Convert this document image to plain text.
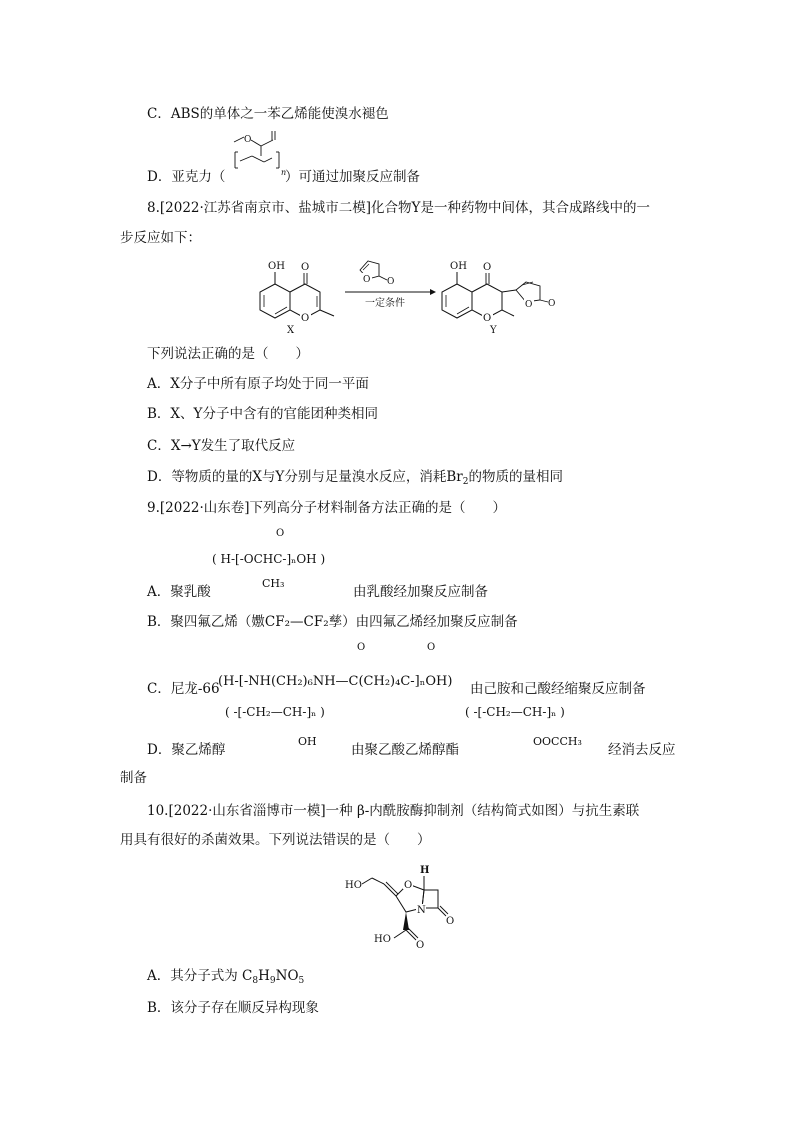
C．ABS的单体之一苯乙烯能使溴水褪色
O
n
D．亚克力（	）可通过加聚反应制备
8.[2022·江苏省南京市、盐城市二模]化合物Y是一种药物中间体，其合成路线中的一
步反应如下：
OH O
O
X
O O
一定条件
OH O
O
O O
Y
下列说法正确的是（　　）
A．X分子中所有原子均处于同一平面
B．X、Y分子中含有的官能团种类相同
C．X→Y发生了取代反应
D．等物质的量的X与Y分别与足量溴水反应，消耗$Br_2$的物质的量相同
9.[2022·山东卷]下列高分子材料制备方法正确的是（　　）
O
( H-[-OCHC-]ₙOH )
CH₃
A．聚乳酸	由乳酸经加聚反应制备
B．聚四氟乙烯（嫐CF₂—CF₂孳）由四氟乙烯经加聚反应制备
O	O
C．尼龙-66
(H-[-NH(CH₂)₆NH—C(CH₂)₄C-]ₙOH) 由己胺和己酸经缩聚反应制备
( -[-CH₂—CH-]ₙ )
OH
( -[-CH₂—CH-]ₙ )
OOCCH₃
D．聚乙烯醇	由聚乙酸乙烯醇酯	经消去反应
制备
10.[2022·山东省淄博市一模]一种 β-内酰胺酶抑制剂（结构简式如图）与抗生素联
用具有很好的杀菌效果。下列说法错误的是（　　）
HO	O
N
H
O
O
HO
A．其分子式为 $C_8H_9NO_5$
B．该分子存在顺反异构现象
